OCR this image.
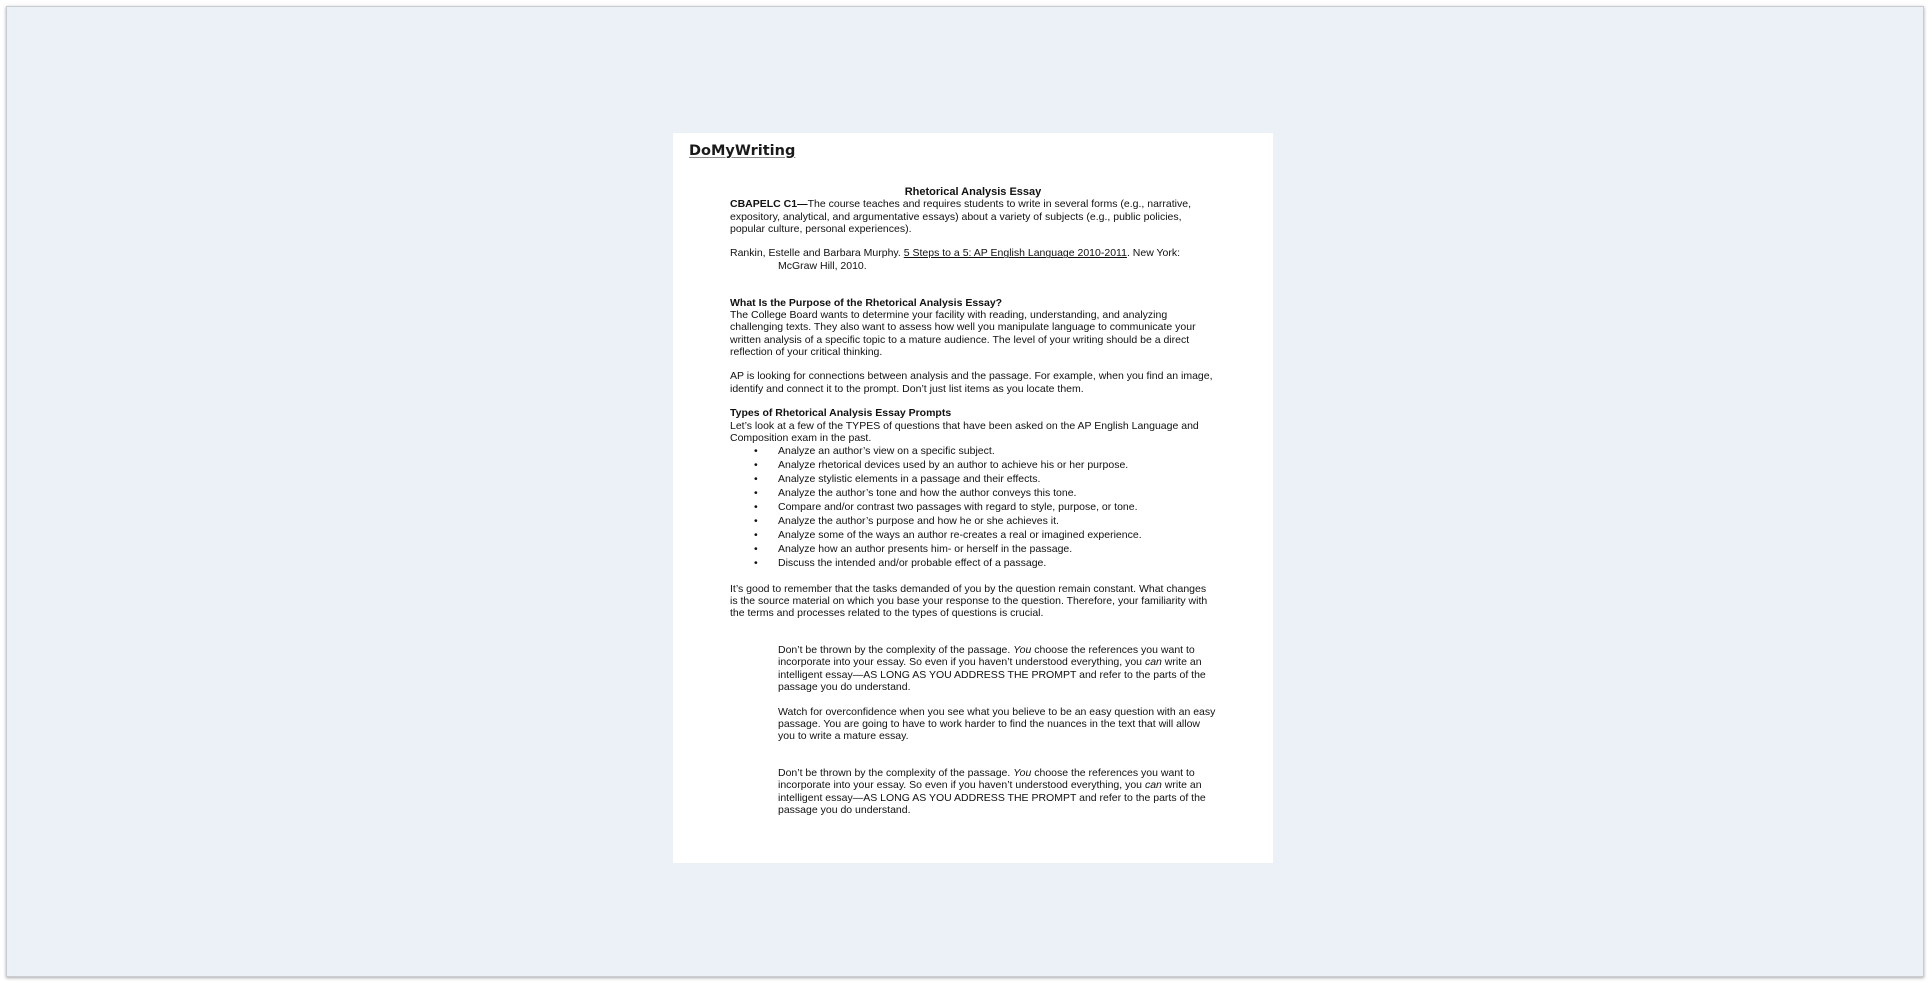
DoMyWriting

Rhetorical Analysis Essay

CBAPELC C1—The course teaches and requires students to write in several forms (e.g., narrative, expository, analytical, and argumentative essays) about a variety of subjects (e.g., public policies, popular culture, personal experiences).

Rankin, Estelle and Barbara Murphy. 5 Steps to a 5: AP English Language 2010-2011. New York: McGraw Hill, 2010.

What Is the Purpose of the Rhetorical Analysis Essay?

The College Board wants to determine your facility with reading, understanding, and analyzing challenging texts. They also want to assess how well you manipulate language to communicate your written analysis of a specific topic to a mature audience. The level of your writing should be a direct reflection of your critical thinking.

AP is looking for connections between analysis and the passage. For example, when you find an image, identify and connect it to the prompt. Don’t just list items as you locate them.

Types of Rhetorical Analysis Essay Prompts

Let’s look at a few of the TYPES of questions that have been asked on the AP English Language and Composition exam in the past.

• Analyze an author’s view on a specific subject.
• Analyze rhetorical devices used by an author to achieve his or her purpose.
• Analyze stylistic elements in a passage and their effects.
• Analyze the author’s tone and how the author conveys this tone.
• Compare and/or contrast two passages with regard to style, purpose, or tone.
• Analyze the author’s purpose and how he or she achieves it.
• Analyze some of the ways an author re-creates a real or imagined experience.
• Analyze how an author presents him- or herself in the passage.
• Discuss the intended and/or probable effect of a passage.

It’s good to remember that the tasks demanded of you by the question remain constant. What changes is the source material on which you base your response to the question. Therefore, your familiarity with the terms and processes related to the types of questions is crucial.

Don’t be thrown by the complexity of the passage. You choose the references you want to incorporate into your essay. So even if you haven’t understood everything, you can write an intelligent essay—AS LONG AS YOU ADDRESS THE PROMPT and refer to the parts of the passage you do understand.

Watch for overconfidence when you see what you believe to be an easy question with an easy passage. You are going to have to work harder to find the nuances in the text that will allow you to write a mature essay.

Don’t be thrown by the complexity of the passage. You choose the references you want to incorporate into your essay. So even if you haven’t understood everything, you can write an intelligent essay—AS LONG AS YOU ADDRESS THE PROMPT and refer to the parts of the passage you do understand.
